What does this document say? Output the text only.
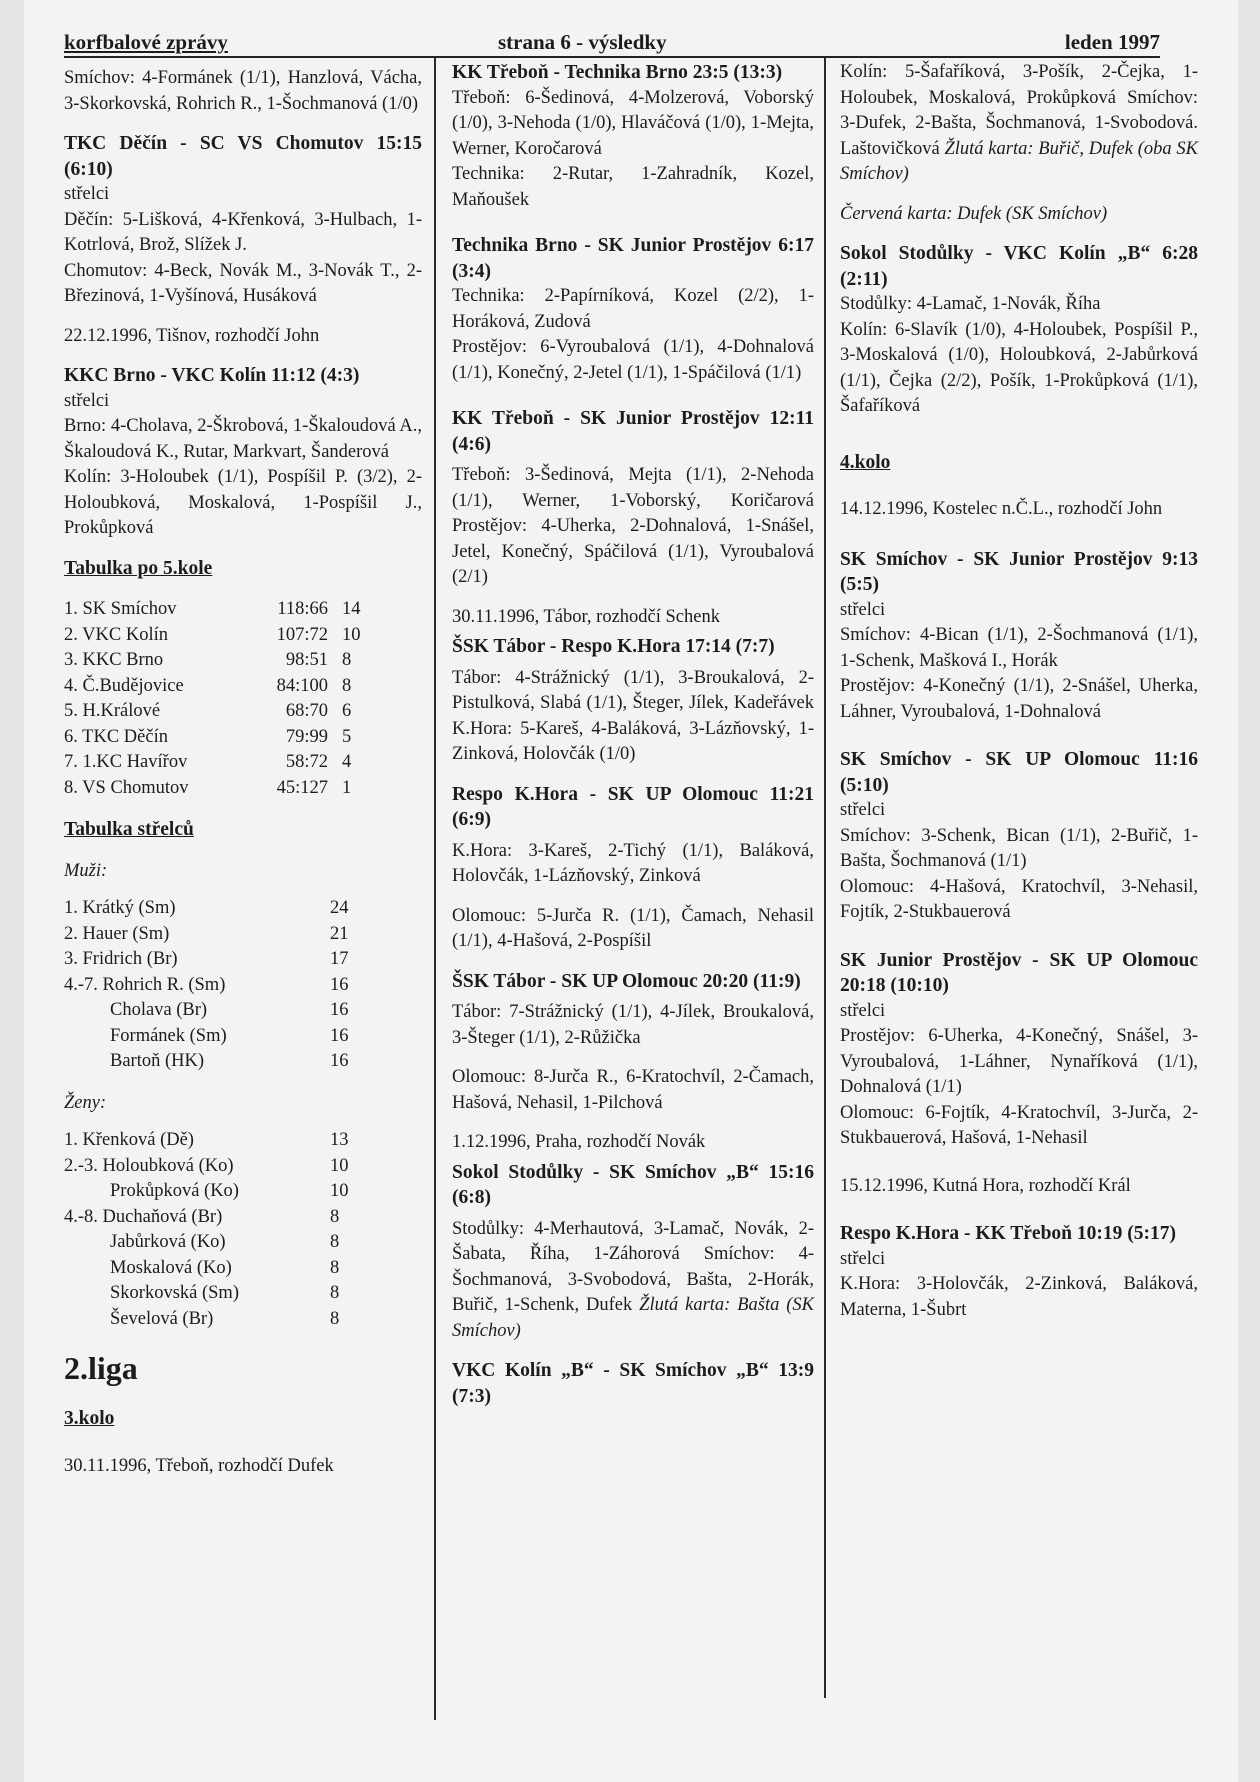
korfbalové zprávy	strana 6 - výsledky	leden 1997

Smíchov: 4-Formánek (1/1), Hanzlová, Vácha, 3-Skorkovská, Rohrich R., 1-Šochmanová (1/0)

TKC Děčín - SC VS Chomutov 15:15 (6:10)
střelci
Děčín: 5-Lišková, 4-Křenková, 3-Hulbach, 1-Kotrlová, Brož, Slížek J.
Chomutov: 4-Beck, Novák M., 3-Novák T., 2-Březinová, 1-Vyšínová, Husáková

22.12.1996, Tišnov, rozhodčí John

KKC Brno - VKC Kolín 11:12 (4:3)
střelci
Brno: 4-Cholava, 2-Škrobová, 1-Škaloudová A., Škaloudová K., Rutar, Markvart, Šanderová
Kolín: 3-Holoubek (1/1), Pospíšil P. (3/2), 2-Holoubková, Moskalová, 1-Pospíšil J., Prokůpková
Tabulka po 5.kole
1. SK Smíchov	118:66	14
2. VKC Kolín	107:72	10
3. KKC Brno	98:51	8
4. Č.Budějovice	84:100	8
5. H.Králové	68:70	6
6. TKC Děčín	79:99	5
7. 1.KC Havířov	58:72	4
8. VS Chomutov	45:127	1
Tabulka střelců
Muži:
1. Krátký (Sm)	24
2. Hauer (Sm)	21
3. Fridrich (Br)	17
4.-7. Rohrich R. (Sm)	16
Cholava (Br)	16
Formánek (Sm)	16
Bartoň (HK)	16
Ženy:
1. Křenková (Dě)	13
2.-3. Holoubková (Ko)	10
Prokůpková (Ko)	10
4.-8. Duchaňová (Br)	8
Jabůrková (Ko)	8
Moskalová (Ko)	8
Skorkovská (Sm)	8
Ševelová (Br)	8
2.liga
3.kolo

30.11.1996, Třeboň, rozhodčí Dufek

KK Třeboň - Technika Brno 23:5 (13:3)
Třeboň: 6-Šedinová, 4-Molzerová, Voborský (1/0), 3-Nehoda (1/0), Hlaváčová (1/0), 1-Mejta, Werner, Koročarová
Technika: 2-Rutar, 1-Zahradník, Kozel, Maňoušek
Technika Brno - SK Junior Prostějov 6:17 (3:4)
Technika: 2-Papírníková, Kozel (2/2), 1-Horáková, Zudová
Prostějov: 6-Vyroubalová (1/1), 4-Dohnalová (1/1), Konečný, 2-Jetel (1/1), 1-Spáčilová (1/1)
KK Třeboň - SK Junior Prostějov 12:11 (4:6)
Třeboň: 3-Šedinová, Mejta (1/1), 2-Nehoda (1/1), Werner, 1-Voborský, Koričarová Prostějov: 4-Uherka, 2-Dohnalová, 1-Snášel, Jetel, Konečný, Spáčilová (1/1), Vyroubalová (2/1)

30.11.1996, Tábor, rozhodčí Schenk

ŠSK Tábor - Respo K.Hora 17:14 (7:7)
Tábor: 4-Strážnický (1/1), 3-Broukalová, 2-Pistulková, Slabá (1/1), Šteger, Jílek, Kadeřávek K.Hora: 5-Kareš, 4-Baláková, 3-Lázňovský, 1-Zinková, Holovčák (1/0)
Respo K.Hora - SK UP Olomouc 11:21 (6:9)
K.Hora: 3-Kareš, 2-Tichý (1/1), Baláková, Holovčák, 1-Lázňovský, Zinková
Olomouc: 5-Jurča R. (1/1), Čamach, Nehasil (1/1), 4-Hašová, 2-Pospíšil
ŠSK Tábor - SK UP Olomouc 20:20 (11:9)
Tábor: 7-Strážnický (1/1), 4-Jílek, Broukalová, 3-Šteger (1/1), 2-Růžička
Olomouc: 8-Jurča R., 6-Kratochvíl, 2-Čamach, Hašová, Nehasil, 1-Pilchová

1.12.1996, Praha, rozhodčí Novák

Sokol Stodůlky - SK Smíchov „B“ 15:16 (6:8)
Stodůlky: 4-Merhautová, 3-Lamač, Novák, 2-Šabata, Říha, 1-Záhorová Smíchov: 4-Šochmanová, 3-Svobodová, Bašta, 2-Horák, Buřič, 1-Schenk, Dufek Žlutá karta: Bašta (SK Smíchov)
VKC Kolín „B“ - SK Smíchov „B“ 13:9 (7:3)
Kolín: 5-Šafaříková, 3-Pošík, 2-Čejka, 1-Holoubek, Moskalová, Prokůpková Smíchov: 3-Dufek, 2-Bašta, Šochmanová, 1-Svobodová. Laštovičková Žlutá karta: Buřič, Dufek (oba SK Smíchov)

Červená karta: Dufek (SK Smíchov)

Sokol Stodůlky - VKC Kolín „B“ 6:28 (2:11)
Stodůlky: 4-Lamač, 1-Novák, Říha
Kolín: 6-Slavík (1/0), 4-Holoubek, Pospíšil P., 3-Moskalová (1/0), Holoubková, 2-Jabůrková (1/1), Čejka (2/2), Pošík, 1-Prokůpková (1/1), Šafaříková
4.kolo

14.12.1996, Kostelec n.Č.L., rozhodčí John

SK Smíchov - SK Junior Prostějov 9:13 (5:5)
střelci
Smíchov: 4-Bican (1/1), 2-Šochmanová (1/1), 1-Schenk, Mašková I., Horák
Prostějov: 4-Konečný (1/1), 2-Snášel, Uherka, Láhner, Vyroubalová, 1-Dohnalová
SK Smíchov - SK UP Olomouc 11:16 (5:10)
střelci
Smíchov: 3-Schenk, Bican (1/1), 2-Buřič, 1-Bašta, Šochmanová (1/1)
Olomouc: 4-Hašová, Kratochvíl, 3-Nehasil, Fojtík, 2-Stukbauerová
SK Junior Prostějov - SK UP Olomouc 20:18 (10:10)
střelci
Prostějov: 6-Uherka, 4-Konečný, Snášel, 3-Vyroubalová, 1-Láhner, Nynaříková (1/1), Dohnalová (1/1)
Olomouc: 6-Fojtík, 4-Kratochvíl, 3-Jurča, 2-Stukbauerová, Hašová, 1-Nehasil

15.12.1996, Kutná Hora, rozhodčí Král

Respo K.Hora - KK Třeboň 10:19 (5:17)
střelci
K.Hora: 3-Holovčák, 2-Zinková, Baláková, Materna, 1-Šubrt
